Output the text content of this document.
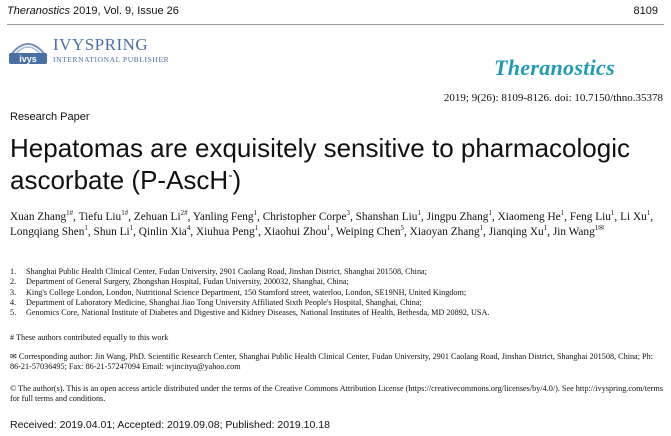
Theranostics 2019, Vol. 9, Issue 26	8109
ivys
IVYSPRING
INTERNATIONAL PUBLISHER	Theranostics
2019; 9(26): 8109-8126. doi: 10.7150/thno.35378
Research Paper
Hepatomas are exquisitely sensitive to pharmacologic
ascorbate (P-AscH-)
Xuan Zhang$^{1\#}$, Tiefu Liu$^{1\#}$, Zehuan $Li^{2\#}$, Yanling Feng$^1$, Christopher Corpe$^3$, Shanshan Liu$^1$, Jingpu Zhang$^1$, Xiaomeng He$^1$, Feng Liu$^1$, Li Xu$^1$, Longqiang Shen$^1$, Shun Li$^1$, Qinlin Xia$^4$, Xiuhua Peng$^1$, Xiaohui Zhou$^1$, Weiping Chen$^5$, Xiaoyan Zhang$^1$, Jianqing Xu$^1$, Jin Wang$^{1✉}$
1. Shanghai Public Health Clinical Center, Fudan University, 2901 Caolang Road, Jinshan District, Shanghai 201508, China;
2. Department of General Surgery, Zhongshan Hospital, Fudan University, 200032, Shanghai, China;
3. King's College London, London, Nutritional Science Department, 150 Stamford street, waterloo, London, SE19NH, United Kingdom;
4. Department of Laboratory Medicine, Shanghai Jiao Tong University Affiliated Sixth People's Hospital, Shanghai, China;
5. Genomics Core, National Institute of Diabetes and Digestive and Kidney Diseases, National Institutes of Health, Bethesda, MD 20892, USA.
# These authors contributed equally to this work
✉ Corresponding author: Jin Wang, PhD. Scientific Research Center, Shanghai Public Health Clinical Center, Fudan University, 2901 Caolang Road, Jinshan District, Shanghai 201508, China; Ph: 86-21-57036495; Fax: 86-21-57247094 Email: wjincityu@yahoo.com
© The author(s). This is an open access article distributed under the terms of the Creative Commons Attribution License (https://creativecommons.org/licenses/by/4.0/). See http://ivyspring.com/terms for full terms and conditions.
Received: 2019.04.01; Accepted: 2019.09.08; Published: 2019.10.18
